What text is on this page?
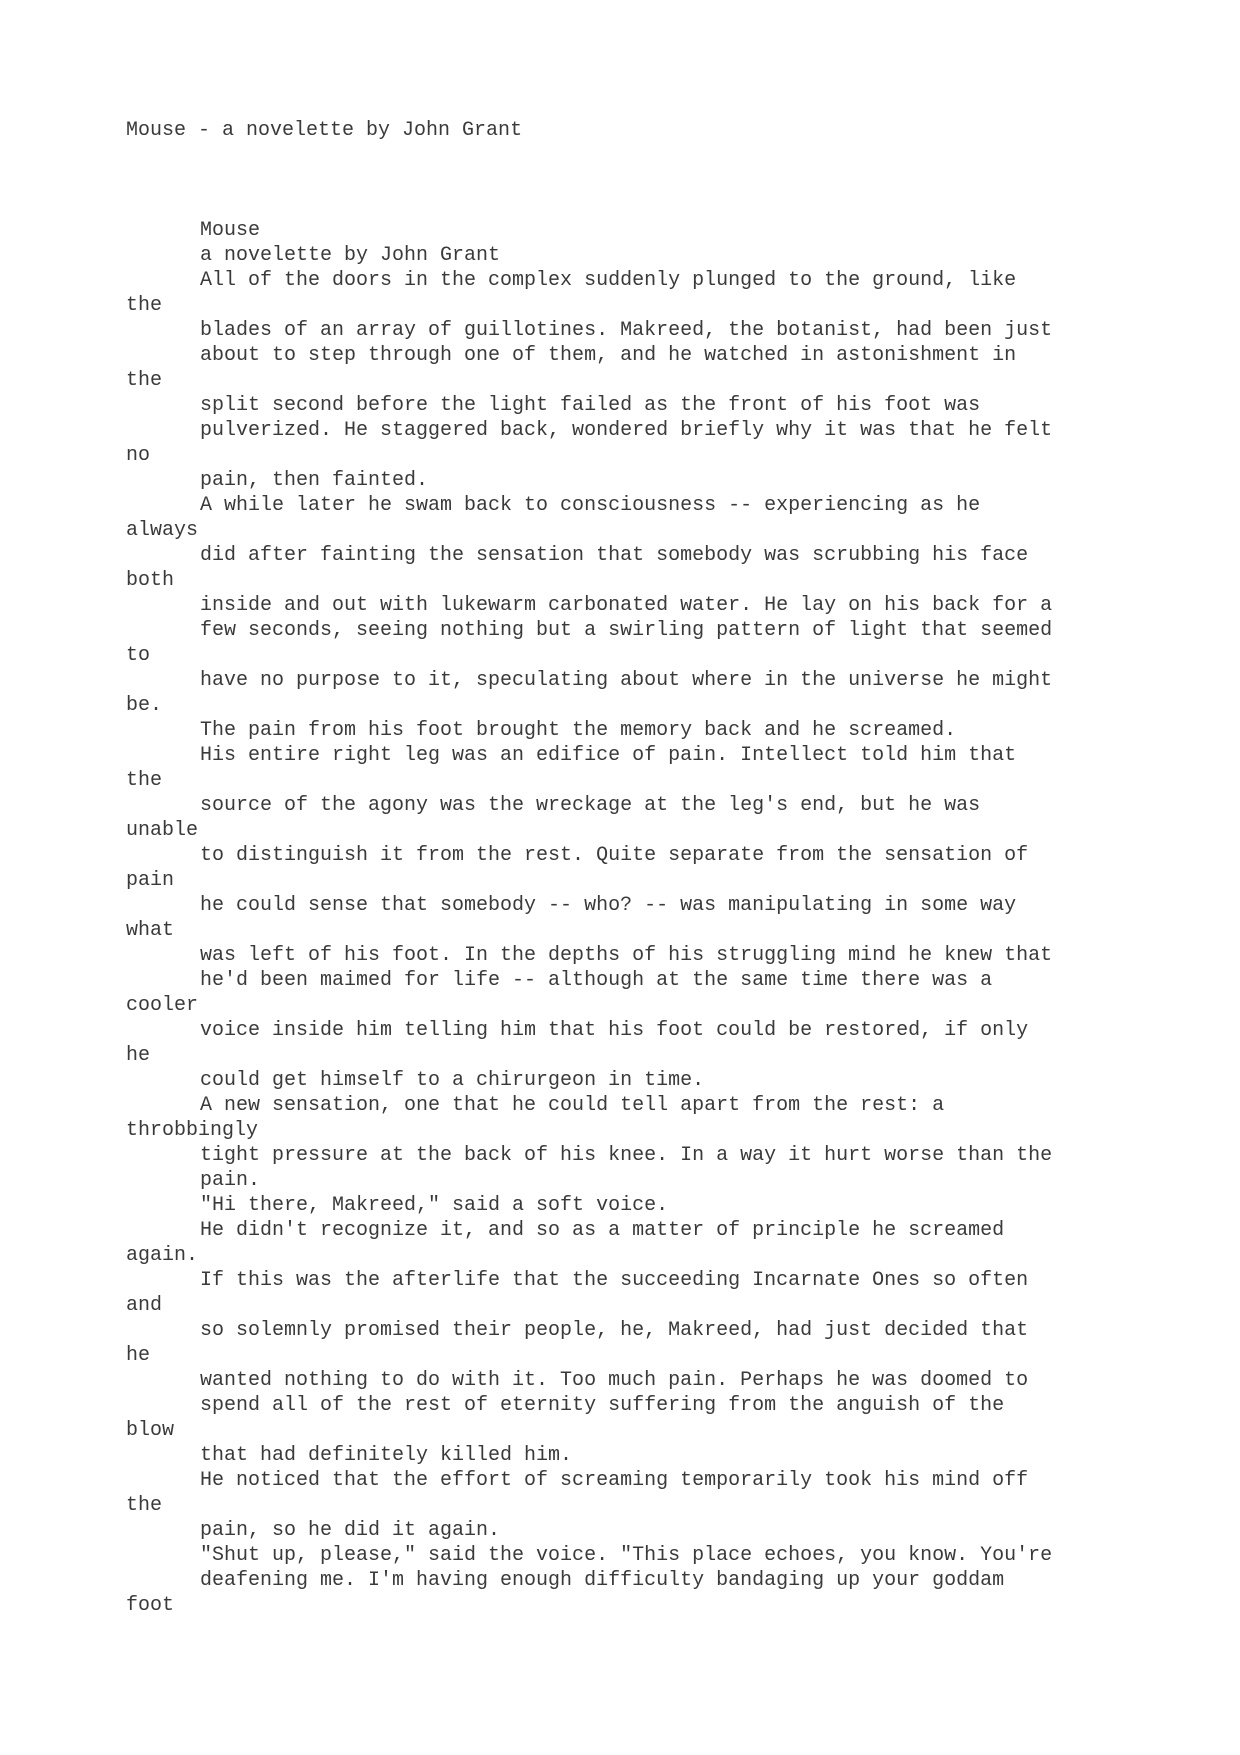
Mouse - a novelette by John Grant
Mouse
a novelette by John Grant
All of the doors in the complex suddenly plunged to the ground, like
the
blades of an array of guillotines. Makreed, the botanist, had been just
about to step through one of them, and he watched in astonishment in
the
split second before the light failed as the front of his foot was
pulverized. He staggered back, wondered briefly why it was that he felt
no
pain, then fainted.
A while later he swam back to consciousness -- experiencing as he
always
did after fainting the sensation that somebody was scrubbing his face
both
inside and out with lukewarm carbonated water. He lay on his back for a
few seconds, seeing nothing but a swirling pattern of light that seemed
to
have no purpose to it, speculating about where in the universe he might
be.
The pain from his foot brought the memory back and he screamed.
His entire right leg was an edifice of pain. Intellect told him that
the
source of the agony was the wreckage at the leg's end, but he was
unable
to distinguish it from the rest. Quite separate from the sensation of
pain
he could sense that somebody -- who? -- was manipulating in some way
what
was left of his foot. In the depths of his struggling mind he knew that
he'd been maimed for life -- although at the same time there was a
cooler
voice inside him telling him that his foot could be restored, if only
he
could get himself to a chirurgeon in time.
A new sensation, one that he could tell apart from the rest: a
throbbingly
tight pressure at the back of his knee. In a way it hurt worse than the
pain.
"Hi there, Makreed," said a soft voice.
He didn't recognize it, and so as a matter of principle he screamed
again.
If this was the afterlife that the succeeding Incarnate Ones so often
and
so solemnly promised their people, he, Makreed, had just decided that
he
wanted nothing to do with it. Too much pain. Perhaps he was doomed to
spend all of the rest of eternity suffering from the anguish of the
blow
that had definitely killed him.
He noticed that the effort of screaming temporarily took his mind off
the
pain, so he did it again.
"Shut up, please," said the voice. "This place echoes, you know. You're
deafening me. I'm having enough difficulty bandaging up your goddam
foot
